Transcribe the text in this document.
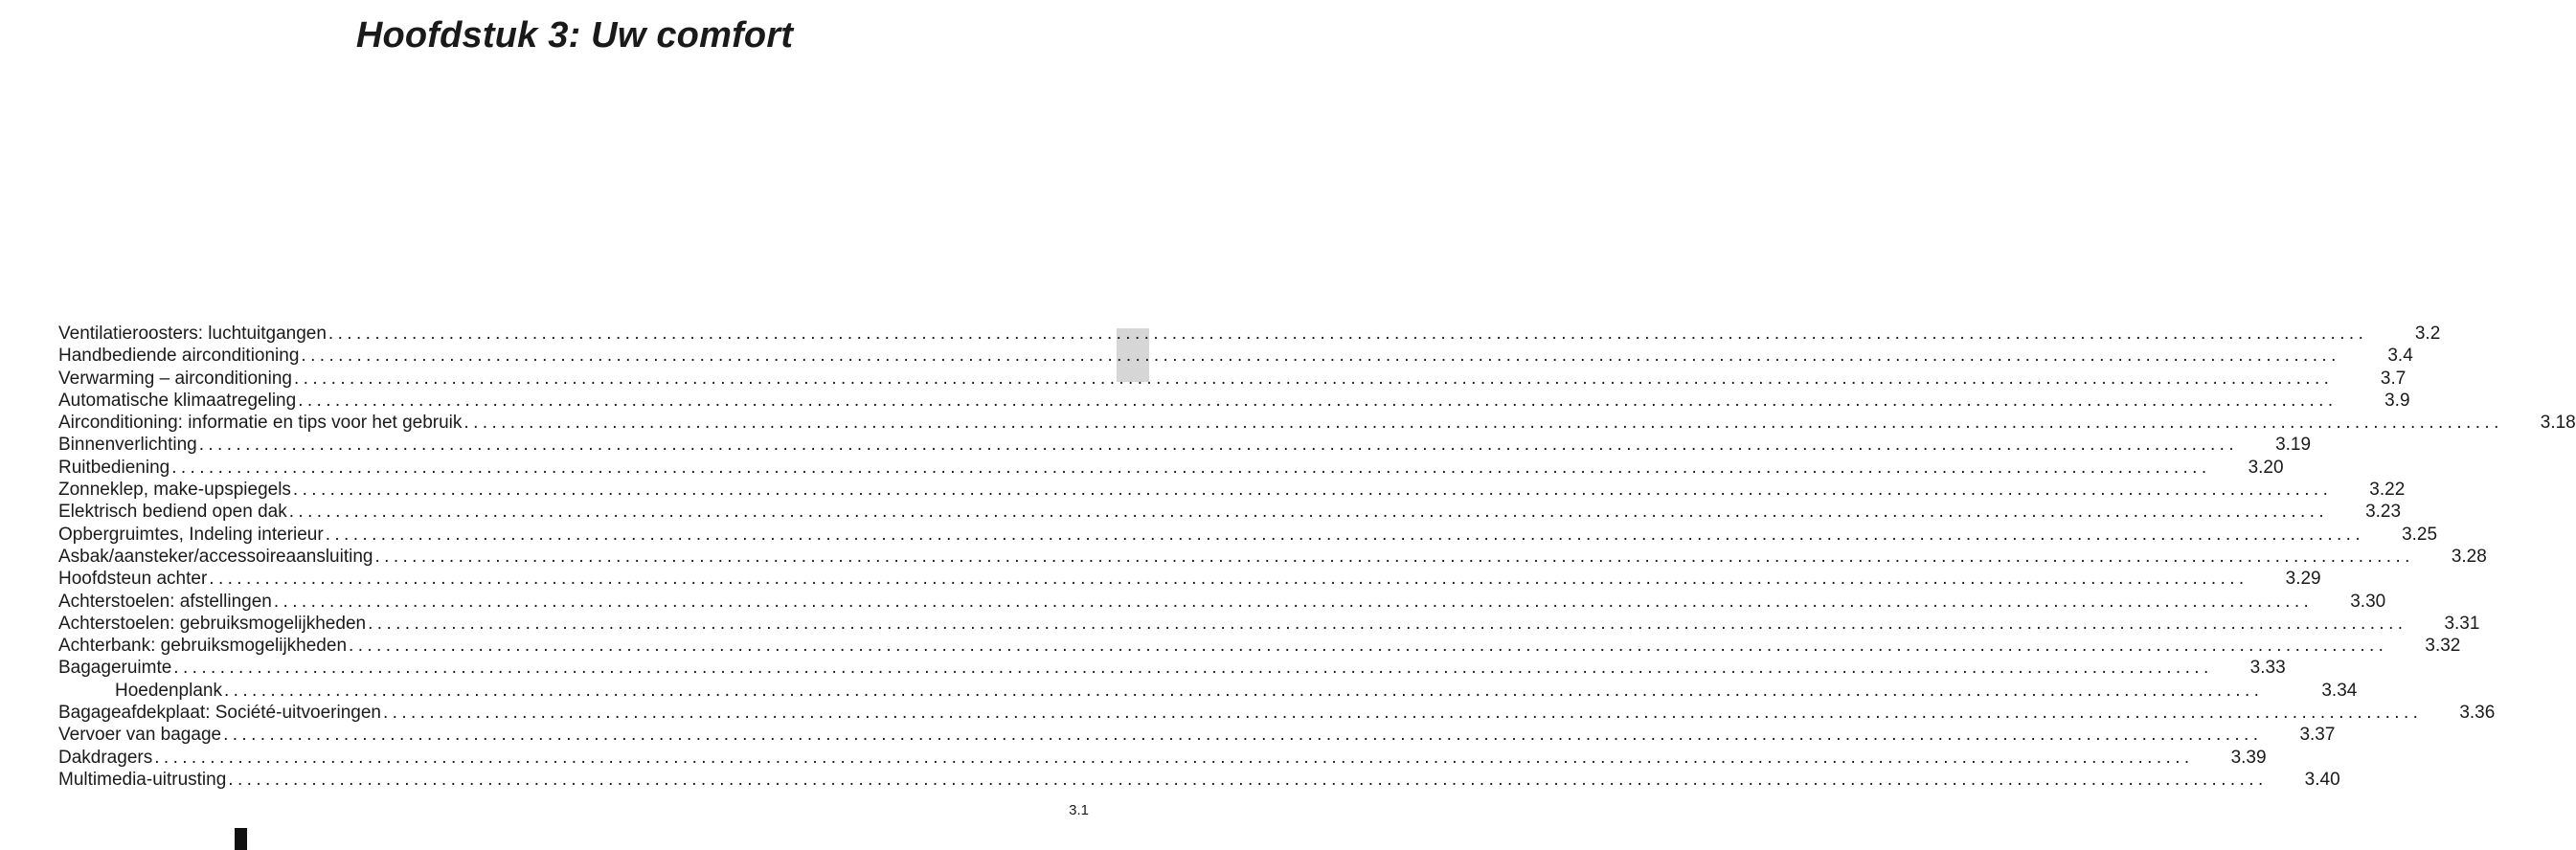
Hoofdstuk 3: Uw comfort
Ventilatieroosters: luchtuitgangen ............................................................................................................................................................................................................................	3.2
Handbediende airconditioning ............................................................................................................................................................................................................................	3.4
Verwarming – airconditioning ............................................................................................................................................................................................................................	3.7
Automatische klimaatregeling ............................................................................................................................................................................................................................	3.9
Airconditioning: informatie en tips voor het gebruik ............................................................................................................................................................................................................................ 3.18
Binnenverlichting ............................................................................................................................................................................................................................ 3.19
Ruitbediening ............................................................................................................................................................................................................................ 3.20
Zonneklep, make-upspiegels ............................................................................................................................................................................................................................ 3.22
Elektrisch bediend open dak ............................................................................................................................................................................................................................ 3.23
Opbergruimtes, Indeling interieur ............................................................................................................................................................................................................................ 3.25
Asbak/aansteker/accessoireaansluiting ............................................................................................................................................................................................................................ 3.28
Hoofdsteun achter ............................................................................................................................................................................................................................ 3.29
Achterstoelen: afstellingen ............................................................................................................................................................................................................................ 3.30
Achterstoelen: gebruiksmogelijkheden ............................................................................................................................................................................................................................ 3.31
Achterbank: gebruiksmogelijkheden ............................................................................................................................................................................................................................ 3.32
Bagageruimte ............................................................................................................................................................................................................................ 3.33
Hoedenplank ............................................................................................................................................................................................................................	3.34
Bagageafdekplaat: Société-uitvoeringen ............................................................................................................................................................................................................................ 3.36
Vervoer van bagage ............................................................................................................................................................................................................................ 3.37
Dakdragers ............................................................................................................................................................................................................................ 3.39
Multimedia-uitrusting ............................................................................................................................................................................................................................ 3.40
3.1
